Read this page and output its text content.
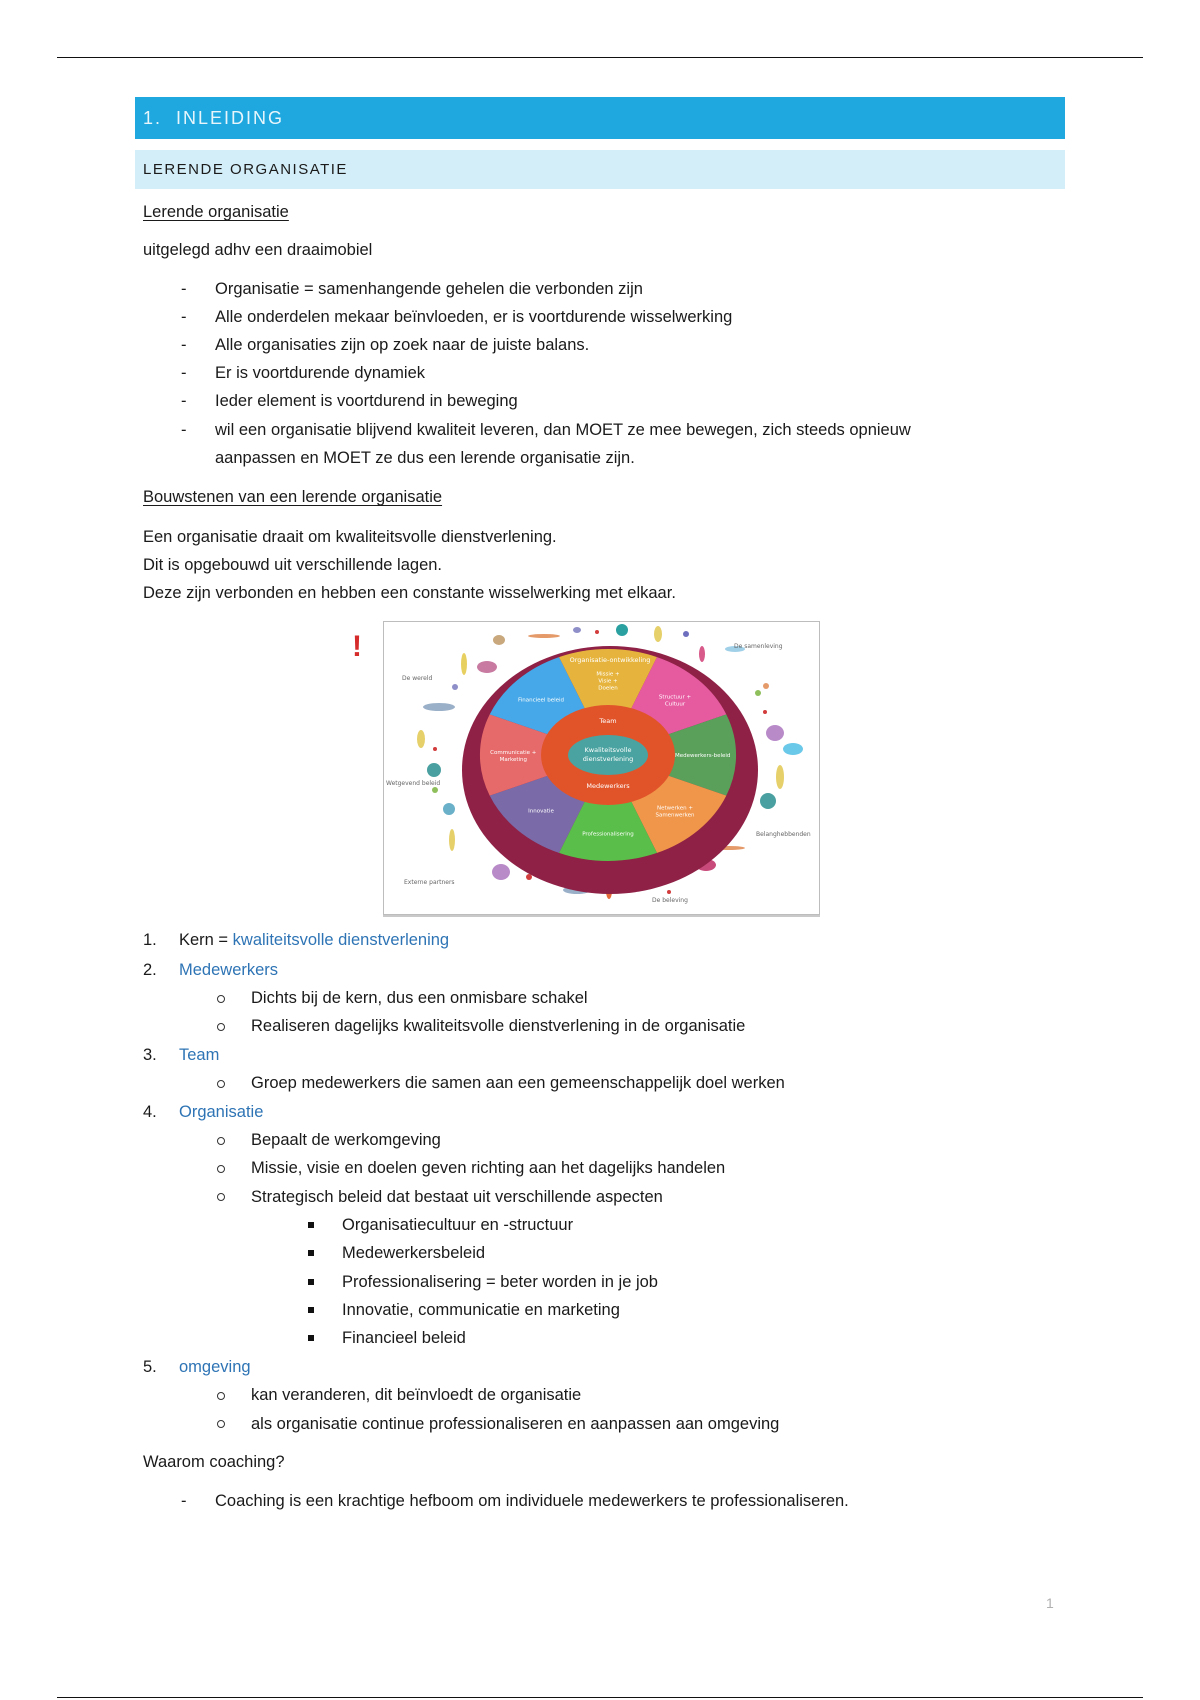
1. INLEIDING
LERENDE ORGANISATIE
Lerende organisatie
uitgelegd adhv een draaimobiel
- Organisatie = samenhangende gehelen die verbonden zijn
- Alle onderdelen mekaar beïnvloeden, er is voortdurende wisselwerking
- Alle organisaties zijn op zoek naar de juiste balans.
- Er is voortdurende dynamiek
- Ieder element is voortdurend in beweging
- wil een organisatie blijvend kwaliteit leveren, dan MOET ze mee bewegen, zich steeds opnieuw
aanpassen en MOET ze dus een lerende organisatie zijn.
Bouwstenen van een lerende organisatie
Een organisatie draait om kwaliteitsvolle dienstverlening.
Dit is opgebouwd uit verschillende lagen.
Deze zijn verbonden en hebben een constante wisselwerking met elkaar.
!
De wereld
De samenleving
Wetgevend beleid
Belanghebbenden
Externe partners
De beleving
Organisatie-ontwikkeling
Team
Medewerkers
Kwaliteitsvolle
dienstverlening
Missie + Visie + Doelen
Structuur + Cultuur
Medewerkers-beleid
Netwerken + Samenwerken
Professionalisering
Innovatie
Communicatie + Marketing
Financieel beleid
1. Kern = kwaliteitsvolle dienstverlening
2. Medewerkers
Dichts bij de kern, dus een onmisbare schakel
Realiseren dagelijks kwaliteitsvolle dienstverlening in de organisatie
3. Team
Groep medewerkers die samen aan een gemeenschappelijk doel werken
4. Organisatie
Bepaalt de werkomgeving
Missie, visie en doelen geven richting aan het dagelijks handelen
Strategisch beleid dat bestaat uit verschillende aspecten
Organisatiecultuur en -structuur
Medewerkersbeleid
Professionalisering = beter worden in je job
Innovatie, communicatie en marketing
Financieel beleid
5. omgeving
kan veranderen, dit beïnvloedt de organisatie
als organisatie continue professionaliseren en aanpassen aan omgeving
Waarom coaching?
- Coaching is een krachtige hefboom om individuele medewerkers te professionaliseren.
1
